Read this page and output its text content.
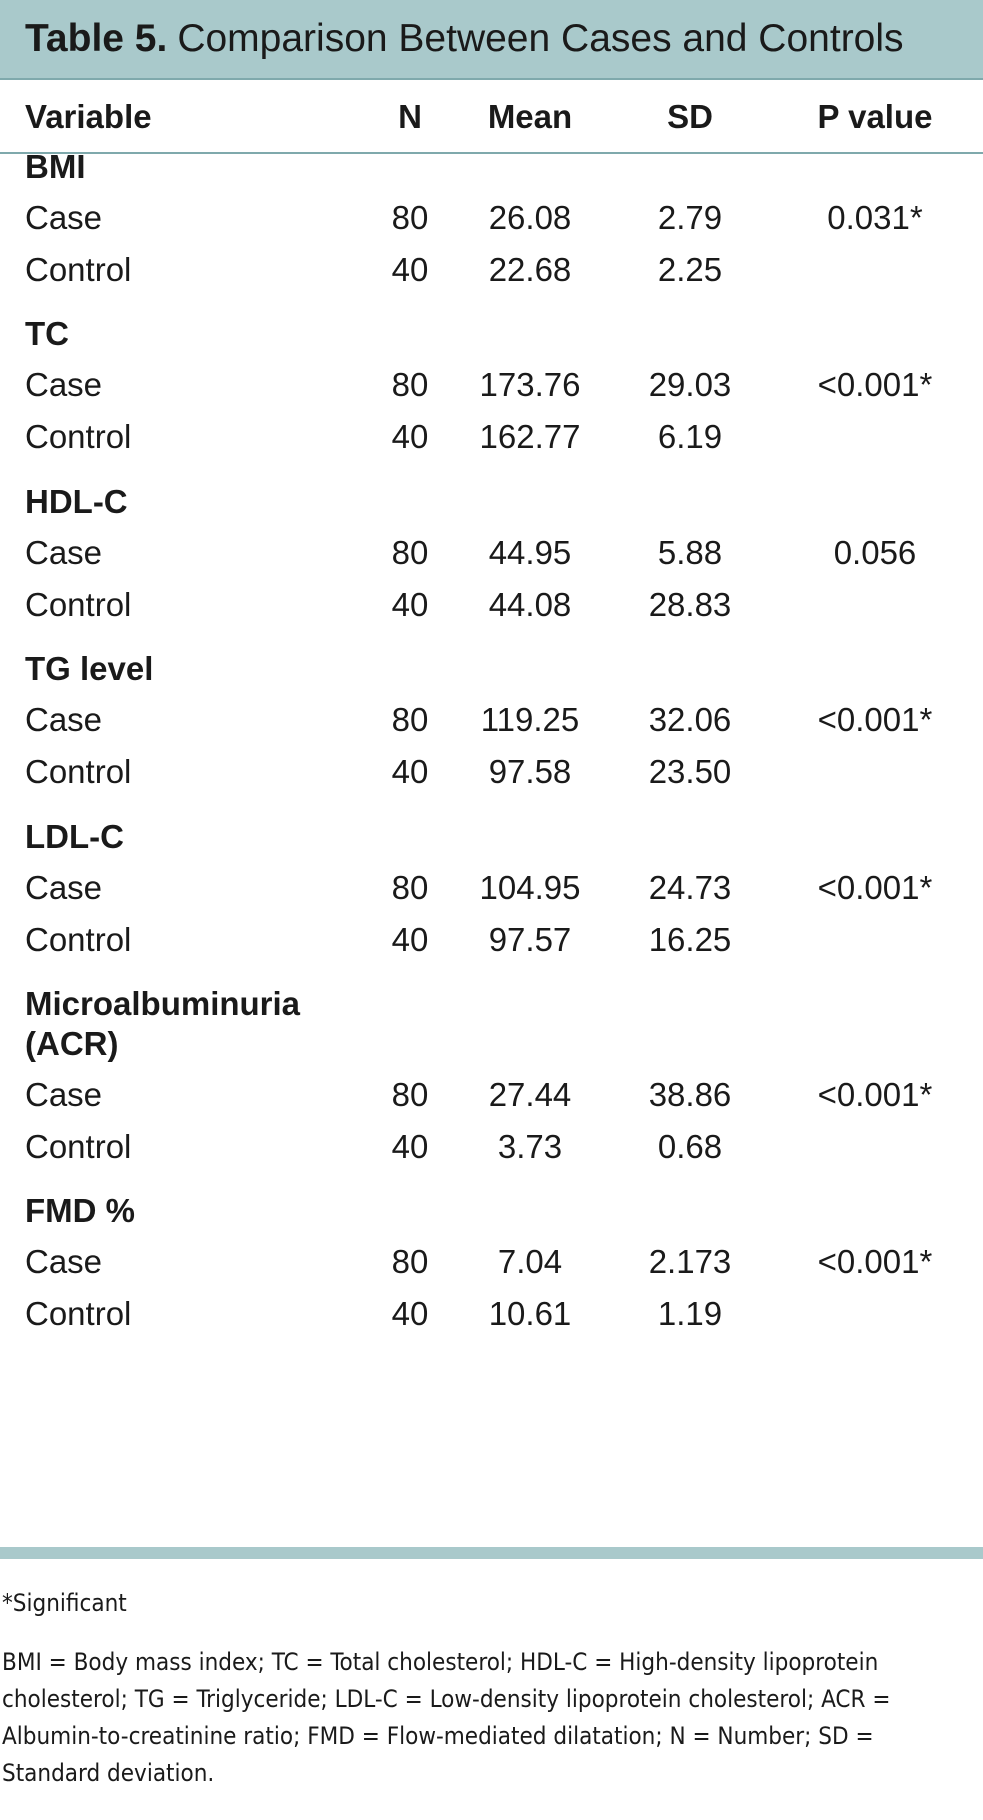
Table 5. Comparison Between Cases and Controls
Variable	N	Mean	SD	P value
BMI
Case	80	26.08	2.79	0.031*
Control	40	22.68	2.25
TC
Case	80	173.76	29.03	<0.001*
Control	40	162.77	6.19
HDL-C
Case	80	44.95	5.88	0.056
Control	40	44.08	28.83
TG level
Case	80	119.25	32.06	<0.001*
Control	40	97.58	23.50
LDL-C
Case	80	104.95	24.73	<0.001*
Control	40	97.57	16.25
Microalbuminuria
(ACR)
Case	80	27.44	38.86	<0.001*
Control	40	3.73	0.68
FMD %
Case	80	7.04	2.173	<0.001*
Control	40	10.61	1.19
*Significant
BMI = Body mass index; TC = Total cholesterol; HDL-C = High-density lipoprotein cholesterol; TG = Triglyceride; LDL-C = Low-density lipoprotein cholesterol; ACR = Albumin-to-creatinine ratio; FMD = Flow-mediated dilatation; N = Number; SD = Standard deviation.
